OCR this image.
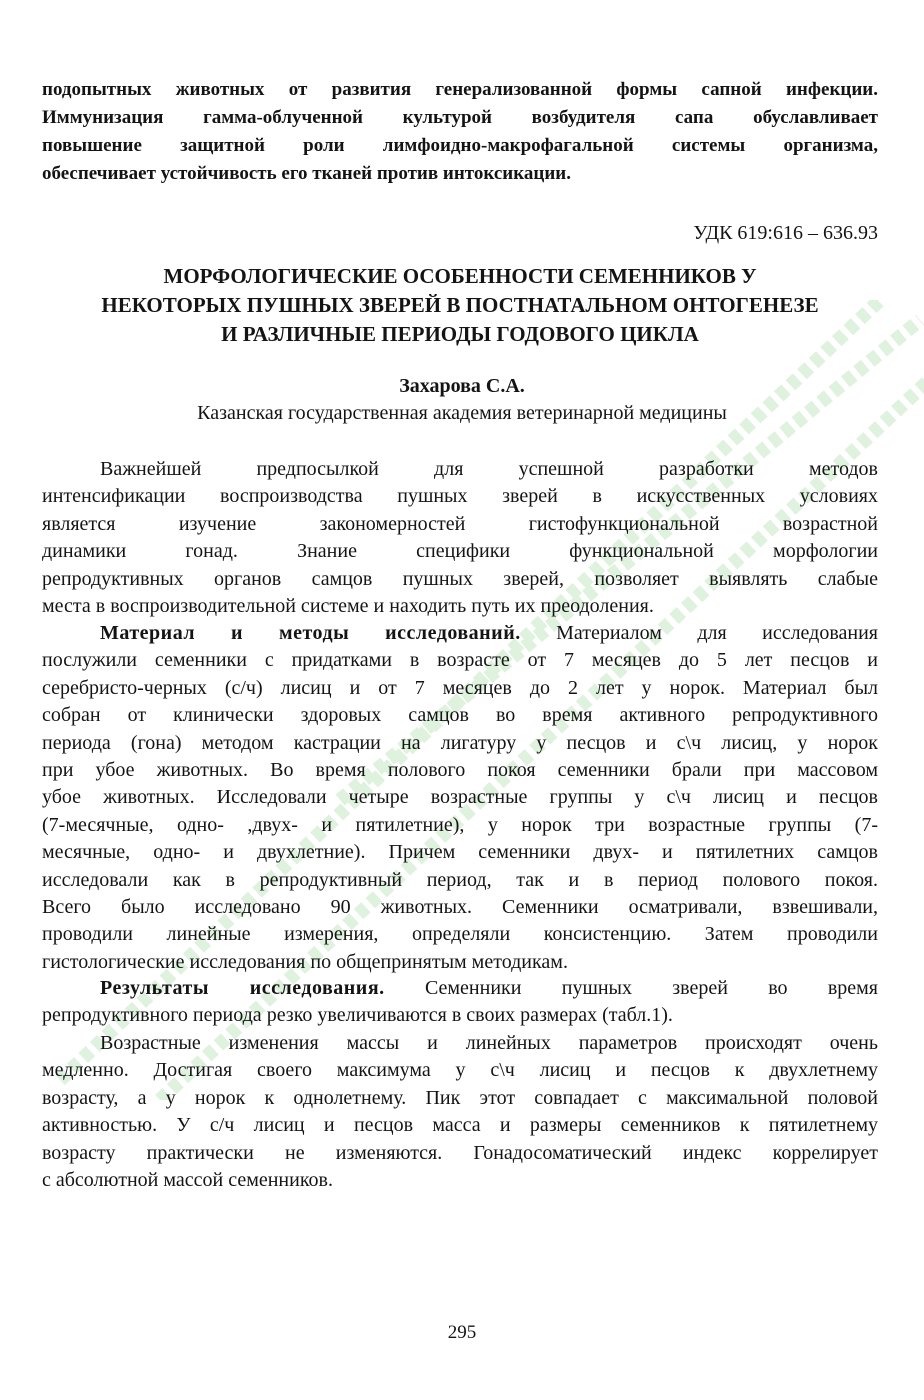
подопытных животных от развития генерализованной формы сапной инфекции.

Иммунизация гамма-облученной культурой возбудителя сапа обуславливает

повышение защитной роли лимфоидно-макрофагальной системы организма,

обеспечивает устойчивость его тканей против интоксикации.

УДК 619:616 – 636.93

МОРФОЛОГИЧЕСКИЕ ОСОБЕННОСТИ СЕМЕННИКОВ У

НЕКОТОРЫХ ПУШНЫХ ЗВЕРЕЙ В ПОСТНАТАЛЬНОМ ОНТОГЕНЕЗЕ

И РАЗЛИЧНЫЕ ПЕРИОДЫ ГОДОВОГО ЦИКЛА

Захарова С.А.
Казанская государственная академия ветеринарной медицины

Важнейшей предпосылкой для успешной разработки методов

интенсификации воспроизводства пушных зверей в искусственных условиях

является изучение закономерностей гистофункциональной возрастной

динамики гонад. Знание специфики функциональной морфологии

репродуктивных органов самцов пушных зверей, позволяет выявлять слабые

места в воспроизводительной системе и находить путь их преодоления.

Материал и методы исследований. Материалом для исследования

послужили семенники с придатками в возрасте от 7 месяцев до 5 лет песцов и

серебристо-черных (с/ч) лисиц и от 7 месяцев до 2 лет у норок. Материал был

собран от клинически здоровых самцов во время активного репродуктивного

периода (гона) методом кастрации на лигатуру у песцов и с\ч лисиц, у норок

при убое животных. Во время полового покоя семенники брали при массовом

убое животных. Исследовали четыре возрастные группы у с\ч лисиц и песцов

(7-месячные, одно- ,двух- и пятилетние), у норок три возрастные группы (7-

месячные, одно- и двухлетние). Причем семенники двух- и пятилетних самцов

исследовали как в репродуктивный период, так и в период полового покоя.

Всего было исследовано 90 животных. Семенники осматривали, взвешивали,

проводили линейные измерения, определяли консистенцию. Затем проводили

гистологические исследования по общепринятым методикам.

Результаты исследования. Семенники пушных зверей во время

репродуктивного периода резко увеличиваются в своих размерах (табл.1).

Возрастные изменения массы и линейных параметров происходят очень

медленно. Достигая своего максимума у с\ч лисиц и песцов к двухлетнему

возрасту, а у норок к однолетнему. Пик этот совпадает с максимальной половой

активностью. У с/ч лисиц и песцов масса и размеры семенников к пятилетнему

возрасту практически не изменяются. Гонадосоматический индекс коррелирует

с абсолютной массой семенников.

295
